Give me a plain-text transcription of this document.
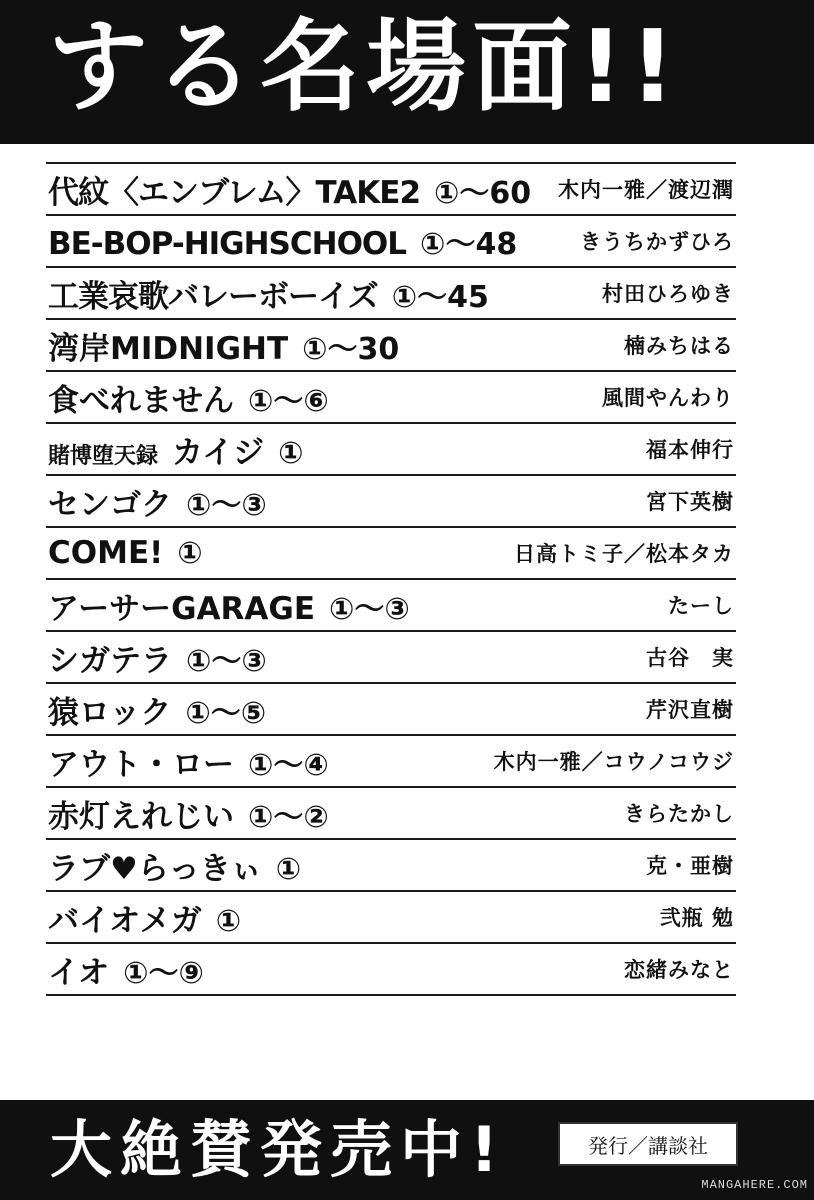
する名場面!!
代紋〈エンブレム〉TAKE2 ①〜60 木内一雅／渡辺潤
BE-BOP-HIGHSCHOOL ①〜48	きうちかずひろ
工業哀歌バレーボーイズ ①〜45	村田ひろゆき
湾岸MIDNIGHT ①〜30	楠みちはる
食べれません ①〜⑥	風間やんわり
賭博堕天録 カイジ ①	福本伸行
センゴク ①〜③	宮下英樹
COME! ①	日高トミ子／松本タカ
アーサーGARAGE ①〜③	たーし
シガテラ ①〜③	古谷　実
猿ロック ①〜⑤	芹沢直樹
アウト・ロー ①〜④	木内一雅／コウノコウジ
赤灯えれじい ①〜②	きらたかし
ラブ♥らっきぃ ①	克・亜樹
バイオメガ ①	弐瓶 勉
イオ ①〜⑨	恋緒みなと
大絶賛発売中!	発行／講談社
MANGAHERE.COM
